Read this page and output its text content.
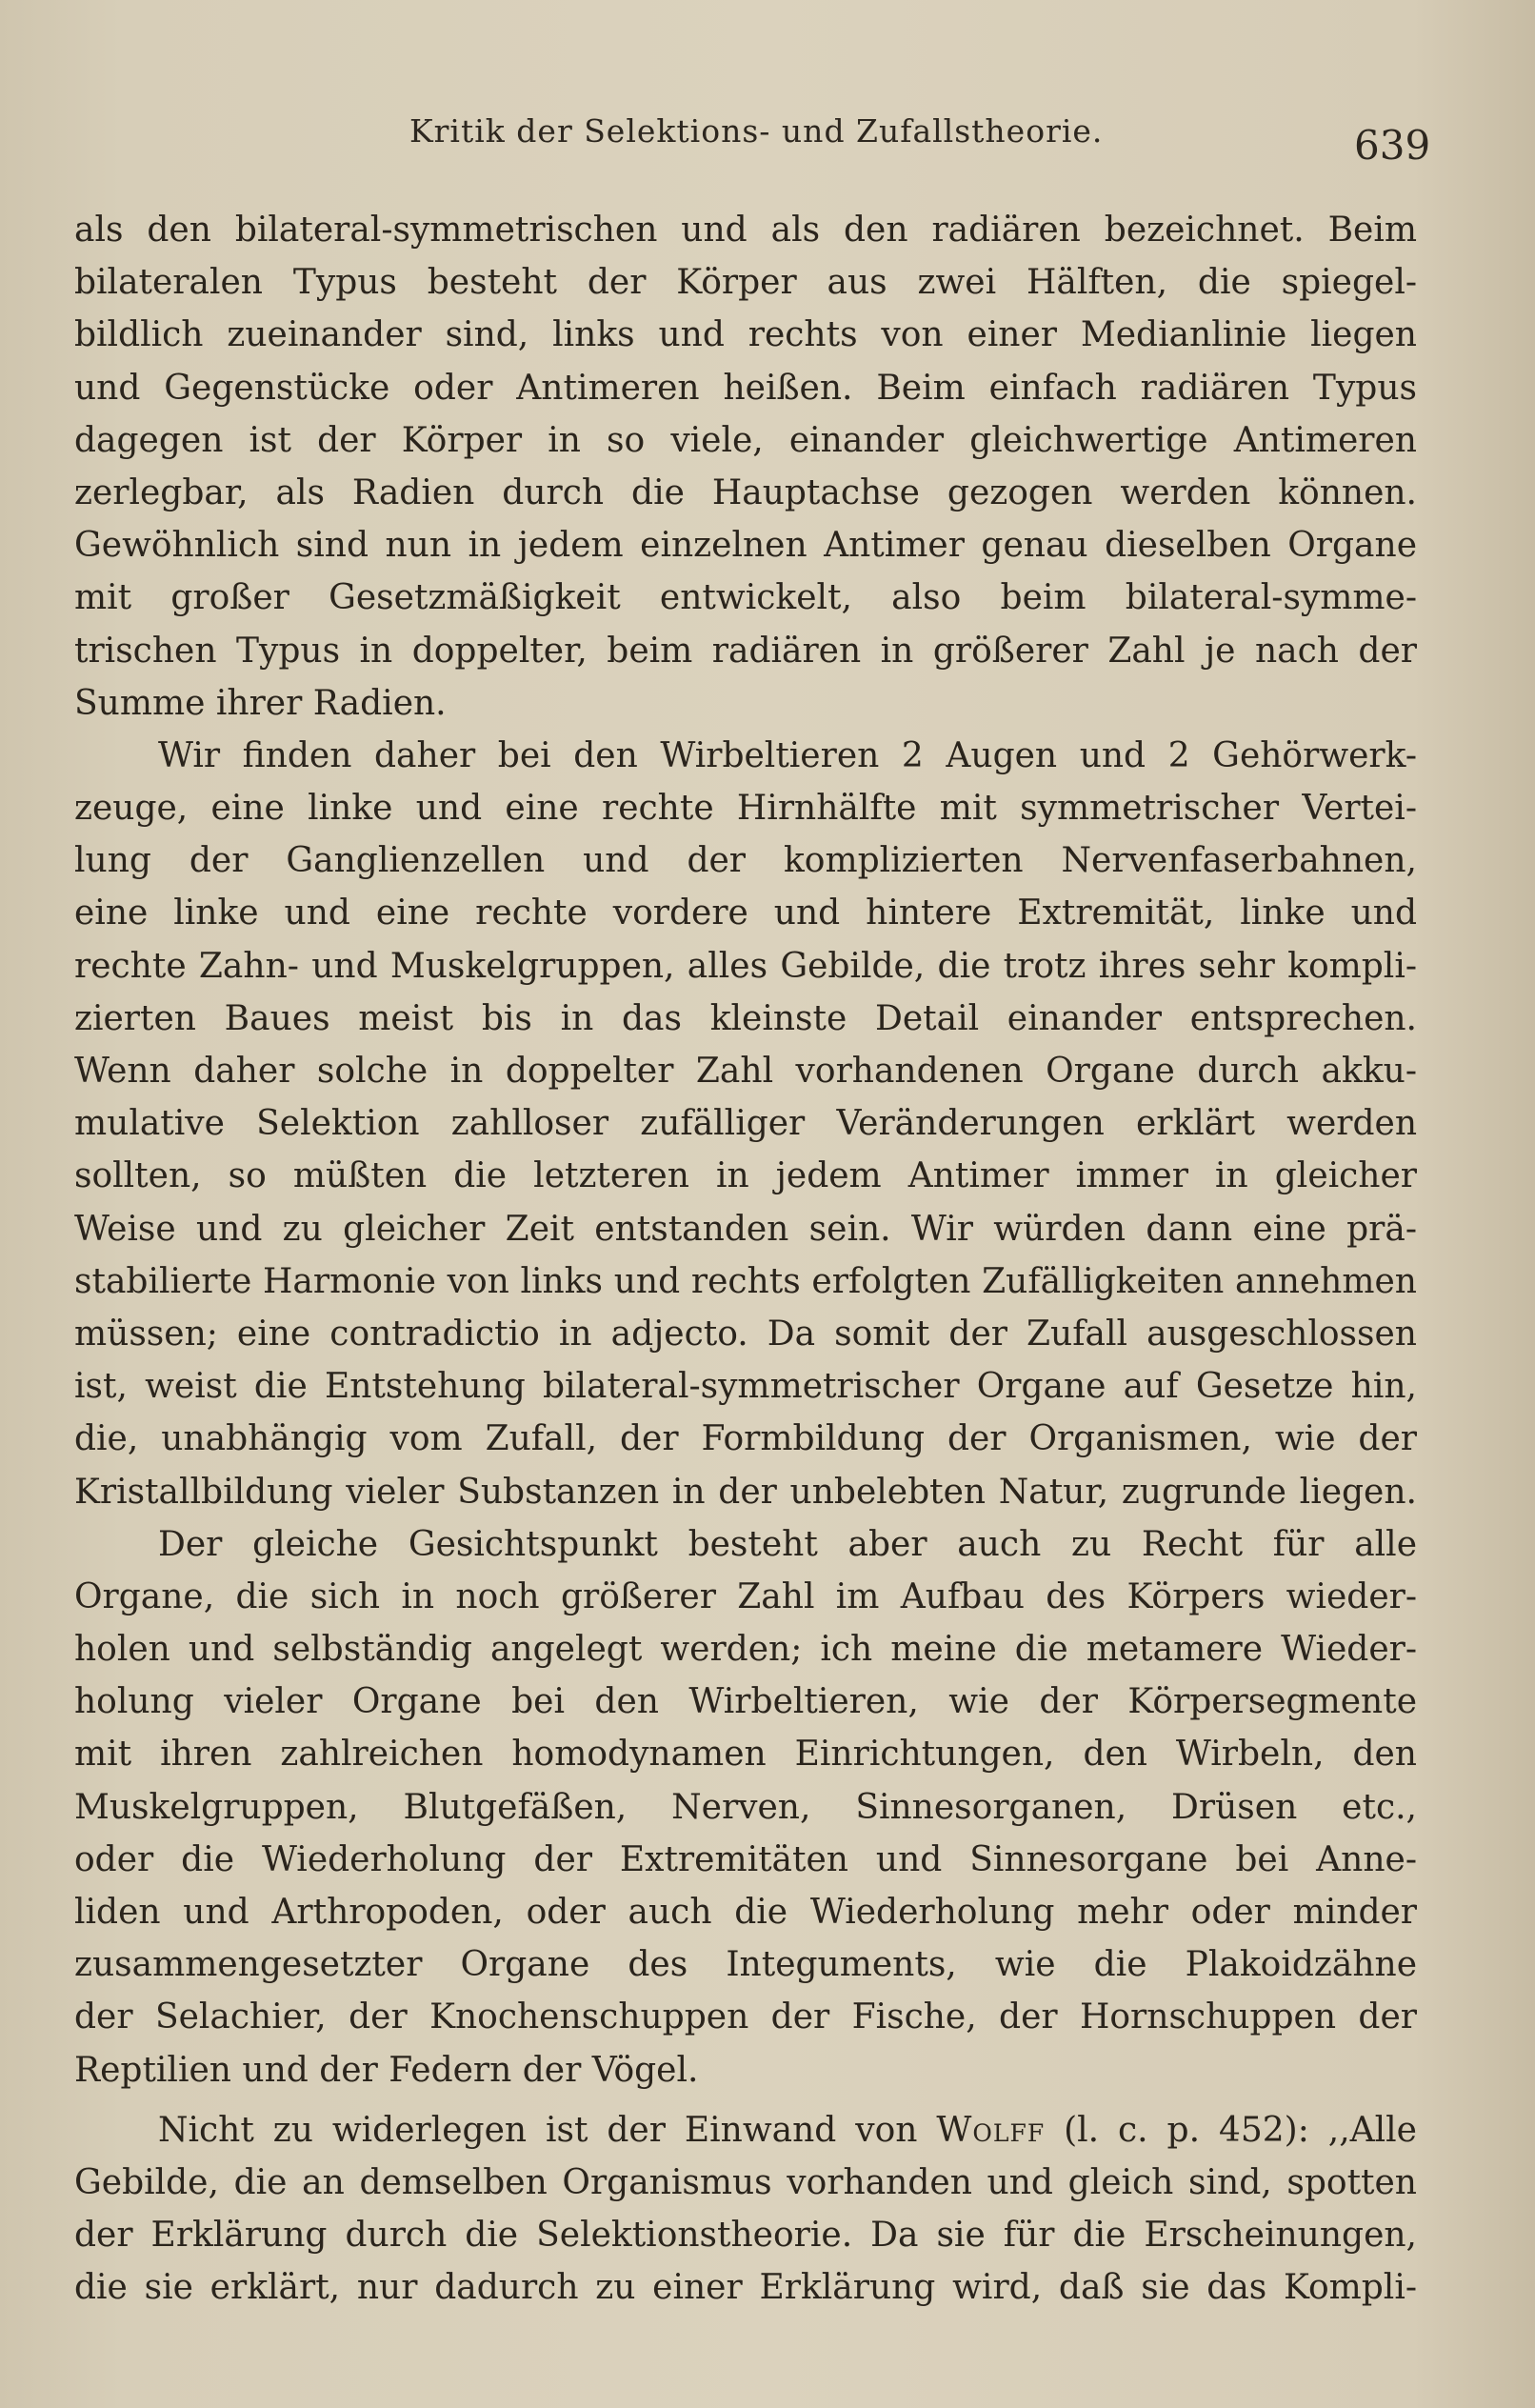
Kritik der Selektions- und Zufallstheorie.	639
als den bilateral-symmetrischen und als den radiären bezeichnet. Beim
bilateralen Typus besteht der Körper aus zwei Hälften, die spiegel-
bildlich zueinander sind, links und rechts von einer Medianlinie liegen
und Gegenstücke oder Antimeren heißen. Beim einfach radiären Typus
dagegen ist der Körper in so viele, einander gleichwertige Antimeren
zerlegbar, als Radien durch die Hauptachse gezogen werden können.
Gewöhnlich sind nun in jedem einzelnen Antimer genau dieselben Organe
mit großer Gesetzmäßigkeit entwickelt, also beim bilateral-symme-
trischen Typus in doppelter, beim radiären in größerer Zahl je nach der
Summe ihrer Radien.
Wir finden daher bei den Wirbeltieren 2 Augen und 2 Gehörwerk-
zeuge, eine linke und eine rechte Hirnhälfte mit symmetrischer Vertei-
lung der Ganglienzellen und der komplizierten Nervenfaserbahnen,
eine linke und eine rechte vordere und hintere Extremität, linke und
rechte Zahn- und Muskelgruppen, alles Gebilde, die trotz ihres sehr kompli-
zierten Baues meist bis in das kleinste Detail einander entsprechen.
Wenn daher solche in doppelter Zahl vorhandenen Organe durch akku-
mulative Selektion zahlloser zufälliger Veränderungen erklärt werden
sollten, so müßten die letzteren in jedem Antimer immer in gleicher
Weise und zu gleicher Zeit entstanden sein. Wir würden dann eine prä-
stabilierte Harmonie von links und rechts erfolgten Zufälligkeiten annehmen
müssen; eine contradictio in adjecto. Da somit der Zufall ausgeschlossen
ist, weist die Entstehung bilateral-symmetrischer Organe auf Gesetze hin,
die, unabhängig vom Zufall, der Formbildung der Organismen, wie der
Kristallbildung vieler Substanzen in der unbelebten Natur, zugrunde liegen.
Der gleiche Gesichtspunkt besteht aber auch zu Recht für alle
Organe, die sich in noch größerer Zahl im Aufbau des Körpers wieder-
holen und selbständig angelegt werden; ich meine die metamere Wieder-
holung vieler Organe bei den Wirbeltieren, wie der Körpersegmente
mit ihren zahlreichen homodynamen Einrichtungen, den Wirbeln, den
Muskelgruppen, Blutgefäßen, Nerven, Sinnesorganen, Drüsen etc.,
oder die Wiederholung der Extremitäten und Sinnesorgane bei Anne-
liden und Arthropoden, oder auch die Wiederholung mehr oder minder
zusammengesetzter Organe des Integuments, wie die Plakoidzähne
der Selachier, der Knochenschuppen der Fische, der Hornschuppen der
Reptilien und der Federn der Vögel.
Nicht zu widerlegen ist der Einwand von Wolff (l. c. p. 452): ,,Alle
Gebilde, die an demselben Organismus vorhanden und gleich sind, spotten
der Erklärung durch die Selektionstheorie. Da sie für die Erscheinungen,
die sie erklärt, nur dadurch zu einer Erklärung wird, daß sie das Kompli-
